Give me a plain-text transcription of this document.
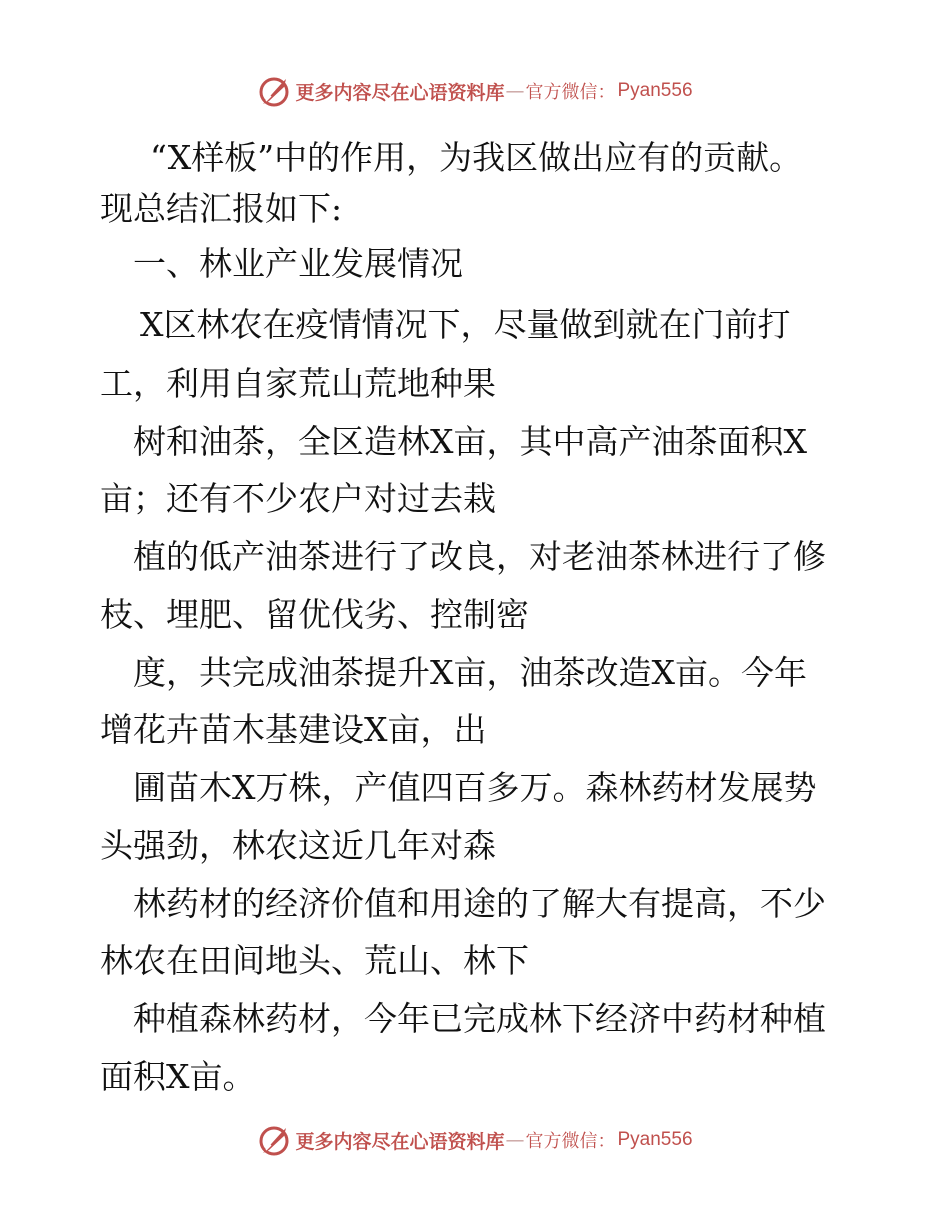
更多内容尽在心语资料库 — 官方微信： Pyan556
“X样板”中的作用，为我区做出应有的贡献。
现总结汇报如下:
一、林业产业发展情况
X区林农在疫情情况下，尽量做到就在门前打
工，利用自家荒山荒地种果
树和油茶，全区造林X亩，其中高产油茶面积X
亩；还有不少农户对过去栽
植的低产油茶进行了改良，对老油茶林进行了修
枝、埋肥、留优伐劣、控制密
度，共完成油茶提升X亩，油茶改造X亩。今年
增花卉苗木基建设X亩，出
圃苗木X万株，产值四百多万。森林药材发展势
头强劲，林农这近几年对森
林药材的经济价值和用途的了解大有提高，不少
林农在田间地头、荒山、林下
种植森林药材，今年已完成林下经济中药材种植
面积X亩。
更多内容尽在心语资料库 — 官方微信： Pyan556
